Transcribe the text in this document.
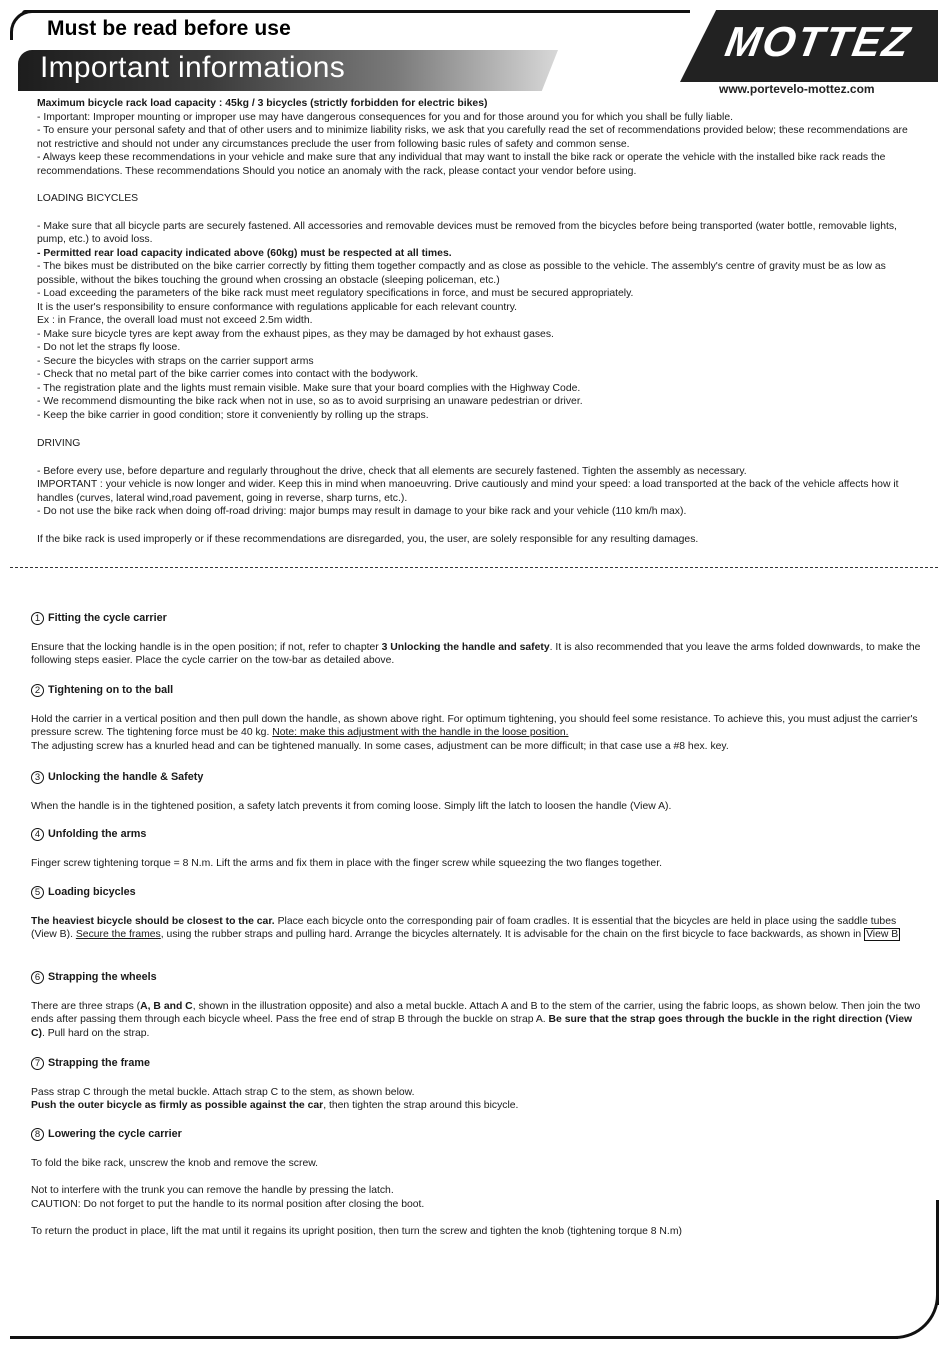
Must be read before use
Important informations
MOTTEZ
www.portevelo-mottez.com

Maximum bicycle rack load capacity : 45kg / 3 bicycles (strictly forbidden for electric bikes)

- Important: Improper mounting or improper use may have dangerous consequences for you and for those around you for which you shall be fully liable.

- To ensure your personal safety and that of other users and to minimize liability risks, we ask that you carefully read the set of recommendations provided below; these recommendations are not restrictive and should not under any circumstances preclude the user from following basic rules of safety and common sense.

- Always keep these recommendations in your vehicle and make sure that any individual that may want to install the bike rack or operate the vehicle with the installed bike rack reads the recommendations. These recommendations Should you notice an anomaly with the rack, please contact your vendor before using.

LOADING BICYCLES

- Make sure that all bicycle parts are securely fastened. All accessories and removable devices must be removed from the bicycles before being transported (water bottle, removable lights, pump, etc.) to avoid loss.

- Permitted rear load capacity indicated above (60kg) must be respected at all times.

- The bikes must be distributed on the bike carrier correctly by fitting them together compactly and as close as possible to the vehicle. The assembly's centre of gravity must be as low as possible, without the bikes touching the ground when crossing an obstacle (sleeping policeman, etc.)

- Load exceeding the parameters of the bike rack must meet regulatory specifications in force, and must be secured appropriately.

It is the user's responsibility to ensure conformance with regulations applicable for each relevant country.

Ex : in France, the overall load must not exceed 2.5m width.

- Make sure bicycle tyres are kept away from the exhaust pipes, as they may be damaged by hot exhaust gases.

- Do not let the straps fly loose.

- Secure the bicycles with straps on the carrier support arms

- Check that no metal part of the bike carrier comes into contact with the bodywork.

- The registration plate and the lights must remain visible. Make sure that your board complies with the Highway Code.

- We recommend dismounting the bike rack when not in use, so as to avoid surprising an unaware pedestrian or driver.

- Keep the bike carrier in good condition; store it conveniently by rolling up the straps.

DRIVING

- Before every use, before departure and regularly throughout the drive, check that all elements are securely fastened. Tighten the assembly as necessary.

IMPORTANT : your vehicle is now longer and wider. Keep this in mind when manoeuvring. Drive cautiously and mind your speed: a load transported at the back of the vehicle affects how it handles (curves, lateral wind,road pavement, going in reverse, sharp turns, etc.).

- Do not use the bike rack when doing off-road driving: major bumps may result in damage to your bike rack and your vehicle (110 km/h max).

If the bike rack is used improperly or if these recommendations are disregarded, you, the user, are solely responsible for any resulting damages.

1 Fitting the cycle carrier

Ensure that the locking handle is in the open position; if not, refer to chapter 3 Unlocking the handle and safety. It is also recommended that you leave the arms folded downwards, to make the following steps easier. Place the cycle carrier on the tow-bar as detailed above.

2 Tightening on to the ball

Hold the carrier in a vertical position and then pull down the handle, as shown above right. For optimum tightening, you should feel some resistance. To achieve this, you must adjust the carrier's pressure screw. The tightening force must be 40 kg. Note: make this adjustment with the handle in the loose position.

The adjusting screw has a knurled head and can be tightened manually. In some cases, adjustment can be more difficult; in that case use a #8 hex. key.

3 Unlocking the handle & Safety

When the handle is in the tightened position, a safety latch prevents it from coming loose. Simply lift the latch to loosen the handle (View A).

4 Unfolding the arms

Finger screw tightening torque = 8 N.m. Lift the arms and fix them in place with the finger screw while squeezing the two flanges together.

5 Loading bicycles

The heaviest bicycle should be closest to the car. Place each bicycle onto the corresponding pair of foam cradles. It is essential that the bicycles are held in place using the saddle tubes (View B). Secure the frames, using the rubber straps and pulling hard. Arrange the bicycles alternately. It is advisable for the chain on the first bicycle to face backwards, as shown in View B

6 Strapping the wheels

There are three straps (A, B and C, shown in the illustration opposite) and also a metal buckle. Attach A and B to the stem of the carrier, using the fabric loops, as shown below. Then join the two ends after passing them through each bicycle wheel. Pass the free end of strap B through the buckle on strap A. Be sure that the strap goes through the buckle in the right direction (View C). Pull hard on the strap.

7 Strapping the frame

Pass strap C through the metal buckle. Attach strap C to the stem, as shown below.

Push the outer bicycle as firmly as possible against the car, then tighten the strap around this bicycle.

8 Lowering the cycle carrier

To fold the bike rack, unscrew the knob and remove the screw.

Not to interfere with the trunk you can remove the handle by pressing the latch.

CAUTION: Do not forget to put the handle to its normal position after closing the boot.

To return the product in place, lift the mat until it regains its upright position, then turn the screw and tighten the knob (tightening torque 8 N.m)
